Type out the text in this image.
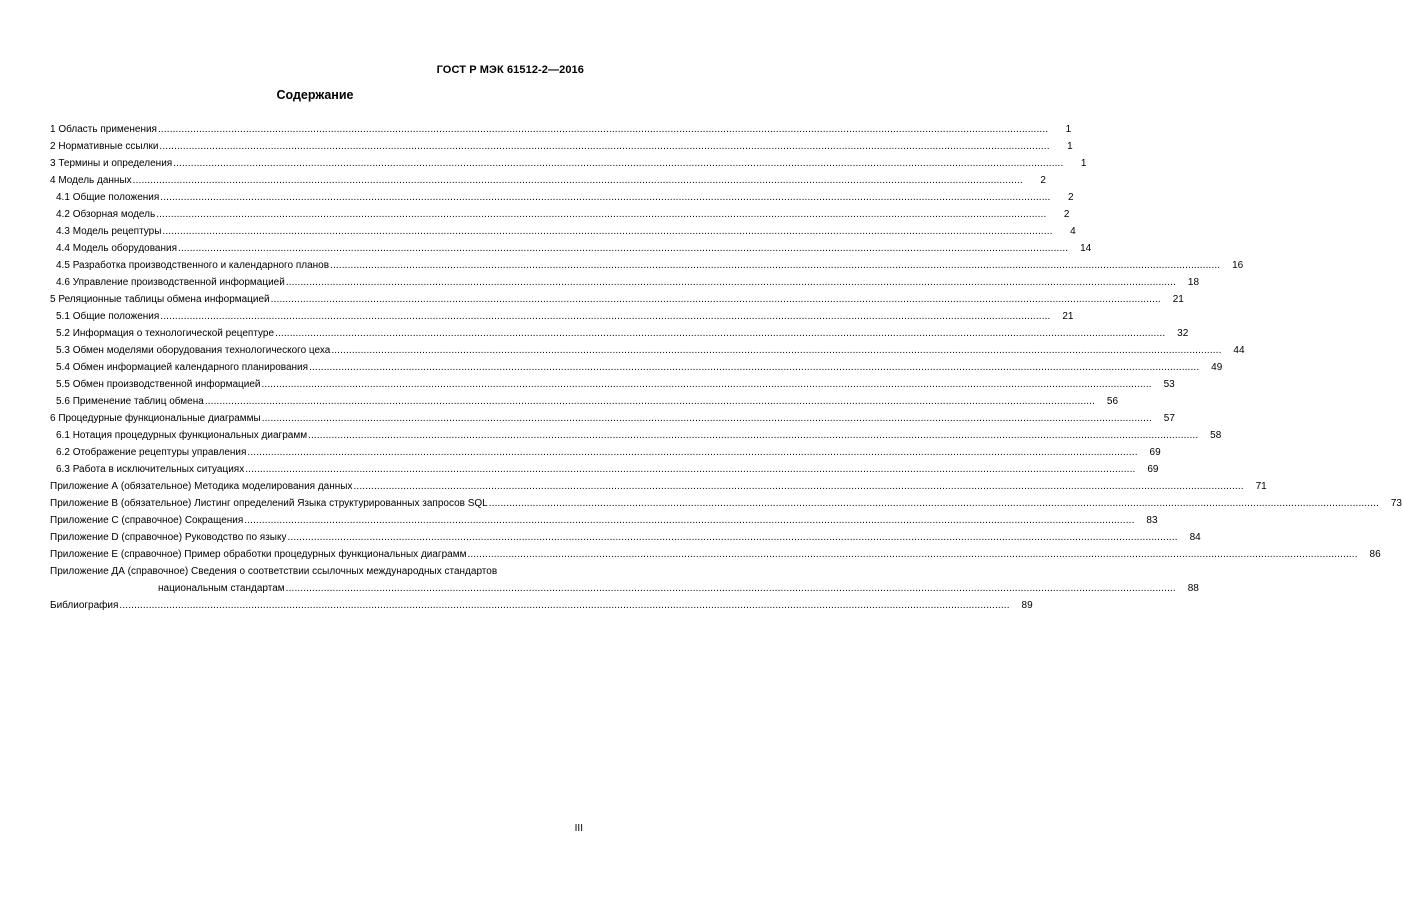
ГОСТ Р МЭК 61512-2—2016
Содержание
1 Область применения .....	1
2 Нормативные ссылки .....	1
3 Термины и определения .....	1
4 Модель данных .....	2
4.1 Общие положения .....	2
4.2 Обзорная модель .....	2
4.3 Модель рецептуры .....	4
4.4 Модель оборудования .....	14
4.5 Разработка производственного и календарного планов .....	16
4.6 Управление производственной информацией .....	18
5 Реляционные таблицы обмена информацией .....	21
5.1 Общие положения .....	21
5.2 Информация о технологической рецептуре .....	32
5.3 Обмен моделями оборудования технологического цеха .....	44
5.4 Обмен информацией календарного планирования .....	49
5.5 Обмен производственной информацией .....	53
5.6 Применение таблиц обмена .....	56
6 Процедурные функциональные диаграммы .....	57
6.1 Нотация процедурных функциональных диаграмм .....	58
6.2 Отображение рецептуры управления .....	69
6.3 Работа в исключительных ситуациях .....	69
Приложение А (обязательное) Методика моделирования данных .....	71
Приложение В (обязательное) Листинг определений Языка структурированных запросов SQL .....	73
Приложение С (справочное) Сокращения .....	83
Приложение D (справочное) Руководство по языку .....	84
Приложение Е (справочное) Пример обработки процедурных функциональных диаграмм .....	86
Приложение ДА (справочное) Сведения о соответствии ссылочных международных стандартов
национальным стандартам .....	88
Библиография .....	89
III
